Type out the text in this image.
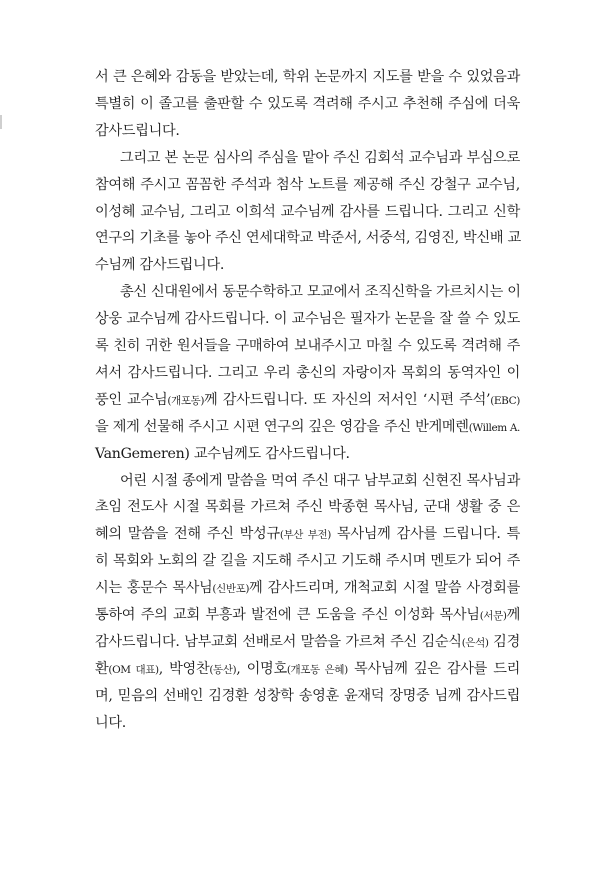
서 큰 은혜와 감동을 받았는데, 학위 논문까지 지도를 받을 수 있었음과
특별히 이 졸고를 출판할 수 있도록 격려해 주시고 추천해 주심에 더욱
감사드립니다.
그리고 본 논문 심사의 주심을 맡아 주신 김회석 교수님과 부심으로
참여해 주시고 꼼꼼한 주석과 첨삭 노트를 제공해 주신 강철구 교수님,
이성혜 교수님, 그리고 이희석 교수님께 감사를 드립니다. 그리고 신학
연구의 기초를 놓아 주신 연세대학교 박준서, 서중석, 김영진, 박신배 교
수님께 감사드립니다.
총신 신대원에서 동문수학하고 모교에서 조직신학을 가르치시는 이
상웅 교수님께 감사드립니다. 이 교수님은 필자가 논문을 잘 쓸 수 있도
록 친히 귀한 원서들을 구매하여 보내주시고 마칠 수 있도록 격려해 주
셔서 감사드립니다. 그리고 우리 총신의 자랑이자 목회의 동역자인 이
풍인 교수님(개포동)께 감사드립니다. 또 자신의 저서인 ‘시편 주석’(EBC)
을 제게 선물해 주시고 시편 연구의 깊은 영감을 주신 반게메렌(Willem A.
VanGemeren) 교수님께도 감사드립니다.
어린 시절 종에게 말씀을 먹여 주신 대구 남부교회 신현진 목사님과
초임 전도사 시절 목회를 가르쳐 주신 박종현 목사님, 군대 생활 중 은
혜의 말씀을 전해 주신 박성규(부산 부전) 목사님께 감사를 드립니다. 특
히 목회와 노회의 갈 길을 지도해 주시고 기도해 주시며 멘토가 되어 주
시는 홍문수 목사님(신반포)께 감사드리며, 개척교회 시절 말씀 사경회를
통하여 주의 교회 부흥과 발전에 큰 도움을 주신 이성화 목사님(서문)께
감사드립니다. 남부교회 선배로서 말씀을 가르쳐 주신 김순식(은석) 김경
환(OM 대표), 박영찬(동산), 이명호(개포동 은혜) 목사님께 깊은 감사를 드리
며, 믿음의 선배인 김경환 성창학 송영훈 윤재덕 장명중 님께 감사드립
니다.
